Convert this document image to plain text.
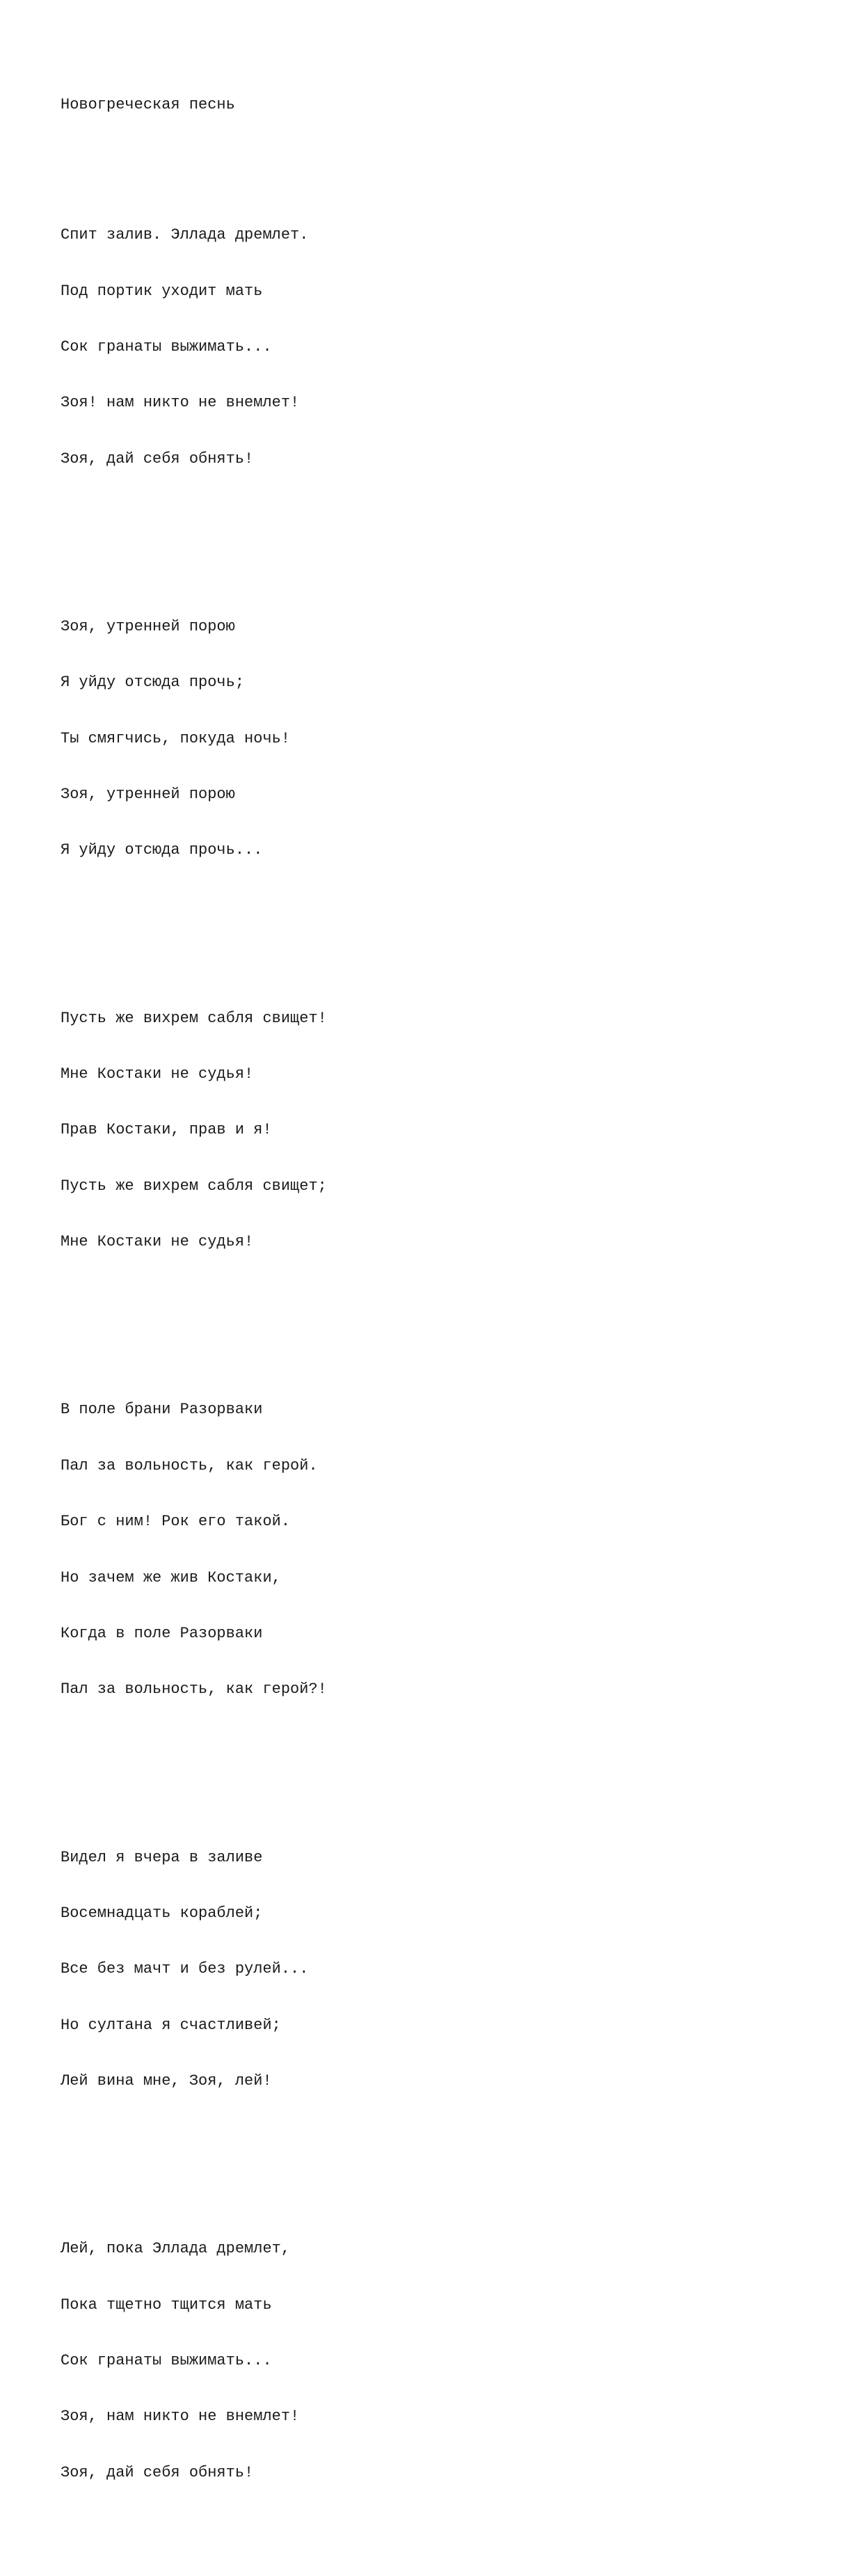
Новогреческая песнь

Спит залив. Эллада дремлет.

Под портик уходит мать

Сок гранаты выжимать...

Зоя! нам никто не внемлет!

Зоя, дай себя обнять!

Зоя, утренней порою

Я уйду отсюда прочь;

Ты смягчись, покуда ночь!

Зоя, утренней порою

Я уйду отсюда прочь...

Пусть же вихрем сабля свищет!

Мне Костаки не судья!

Прав Костаки, прав и я!

Пусть же вихрем сабля свищет;

Мне Костаки не судья!

В поле брани Разорваки

Пал за вольность, как герой.

Бог с ним! Рок его такой.

Но зачем же жив Костаки,

Когда в поле Разорваки

Пал за вольность, как герой?!

Видел я вчера в заливе

Восемнадцать кораблей;

Все без мачт и без рулей...

Но султана я счастливей;

Лей вина мне, Зоя, лей!

Лей, пока Эллада дремлет,

Пока тщетно тщится мать

Сок гранаты выжимать...

Зоя, нам никто не внемлет!

Зоя, дай себя обнять!
